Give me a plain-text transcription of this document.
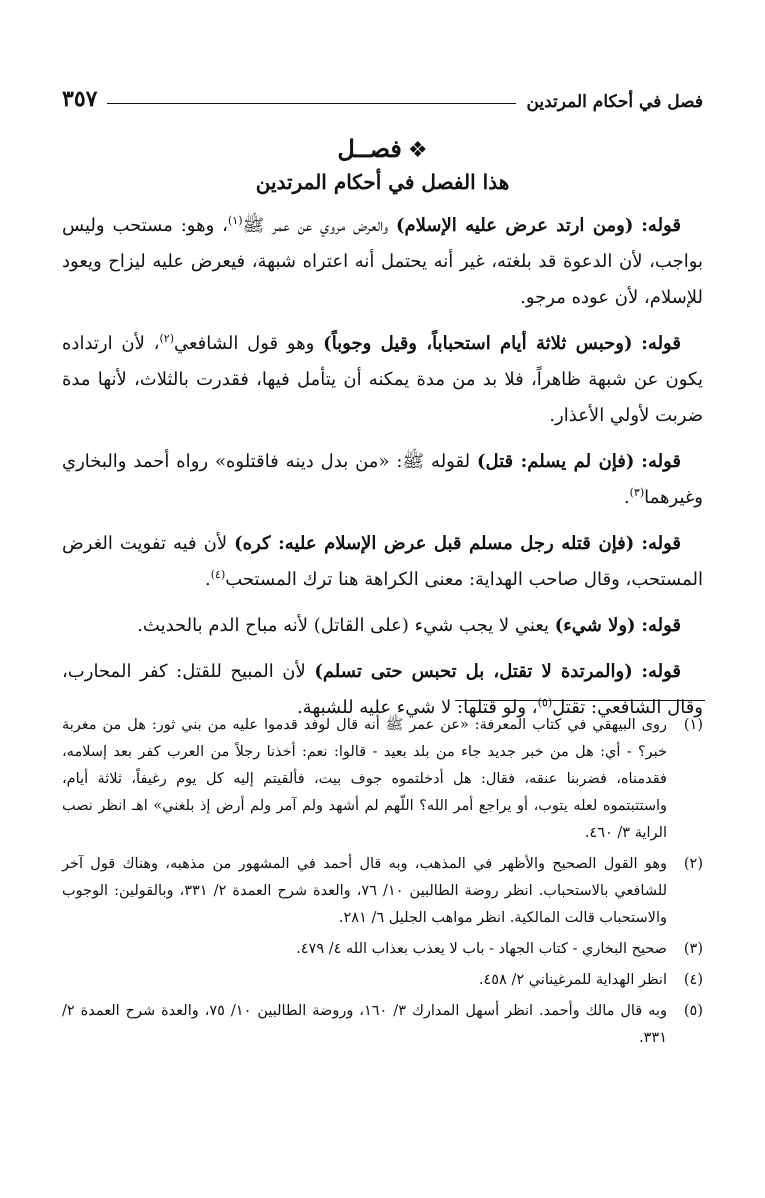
فصل في أحكام المرتدين
٣٥٧
❖فصــل
هذا الفصل في أحكام المرتدين

قوله: (ومن ارتد عرض عليه الإسلام) والعرض مروي عن عمر ﷺ$^{(١)}$، وهو: مستحب وليس بواجب، لأن الدعوة قد بلغته، غير أنه يحتمل أنه اعتراه شبهة، فيعرض عليه ليزاح ويعود للإسلام، لأن عوده مرجو.

قوله: (وحبس ثلاثة أيام استحباباً، وقيل وجوباً) وهو قول الشافعي$^{(٢)}$، لأن ارتداده يكون عن شبهة ظاهراً، فلا بد من مدة يمكنه أن يتأمل فيها، فقدرت بالثلاث، لأنها مدة ضربت لأولي الأعذار.

قوله: (فإن لم يسلم: قتل) لقوله ﷺ: «من بدل دينه فاقتلوه» رواه أحمد والبخاري وغيرهما$^{(٣)}$.

قوله: (فإن قتله رجل مسلم قبل عرض الإسلام عليه: كره) لأن فيه تفويت الغرض المستحب، وقال صاحب الهداية: معنى الكراهة هنا ترك المستحب$^{(٤)}$.

قوله: (ولا شيء) يعني لا يجب شيء (على القاتل) لأنه مباح الدم بالحديث.

قوله: (والمرتدة لا تقتل، بل تحبس حتى تسلم) لأن المبيح للقتل: كفر المحارب، وقال الشافعي: تقتل$^{(٥)}$، ولو قتلها: لا شيء عليه للشبهة.

(١)
روى البيهقي في كتاب المعرفة: «عن عمر ﷺ أنه قال لوفد قدموا عليه من بني ثور: هل من مغربة خبر؟ - أي: هل من خبر جديد جاء من بلد بعيد - قالوا: نعم: أخذنا رجلاً من العرب كفر بعد إسلامه، فقدمناه، فضربنا عنقه، فقال: هل أدخلتموه جوف بيت، فألقيتم إليه كل يوم رغيفاً، ثلاثة أيام، واستتبتموه لعله يتوب، أو يراجع أمر الله؟ اللّهم لم أشهد ولم آمر ولم أرض إذ بلغني» اهـ انظر نصب الراية ٣/ ٤٦٠.
(٢)
وهو القول الصحيح والأظهر في المذهب، وبه قال أحمد في المشهور من مذهبه، وهناك قول آخر للشافعي بالاستحباب. انظر روضة الطالبين ١٠/ ٧٦، والعدة شرح العمدة ٢/ ٣٣١، وبالقولين: الوجوب والاستحباب قالت المالكية. انظر مواهب الجليل ٦/ ٢٨١.
(٣)
صحيح البخاري - كتاب الجهاد - باب لا يعذب بعذاب الله ٤/ ٤٧٩.
(٤)
انظر الهداية للمرغيناني ٢/ ٤٥٨.
(٥)
وبه قال مالك وأحمد. انظر أسهل المدارك ٣/ ١٦٠، وروضة الطالبين ١٠/ ٧٥، والعدة شرح العمدة ٢/ ٣٣١.
